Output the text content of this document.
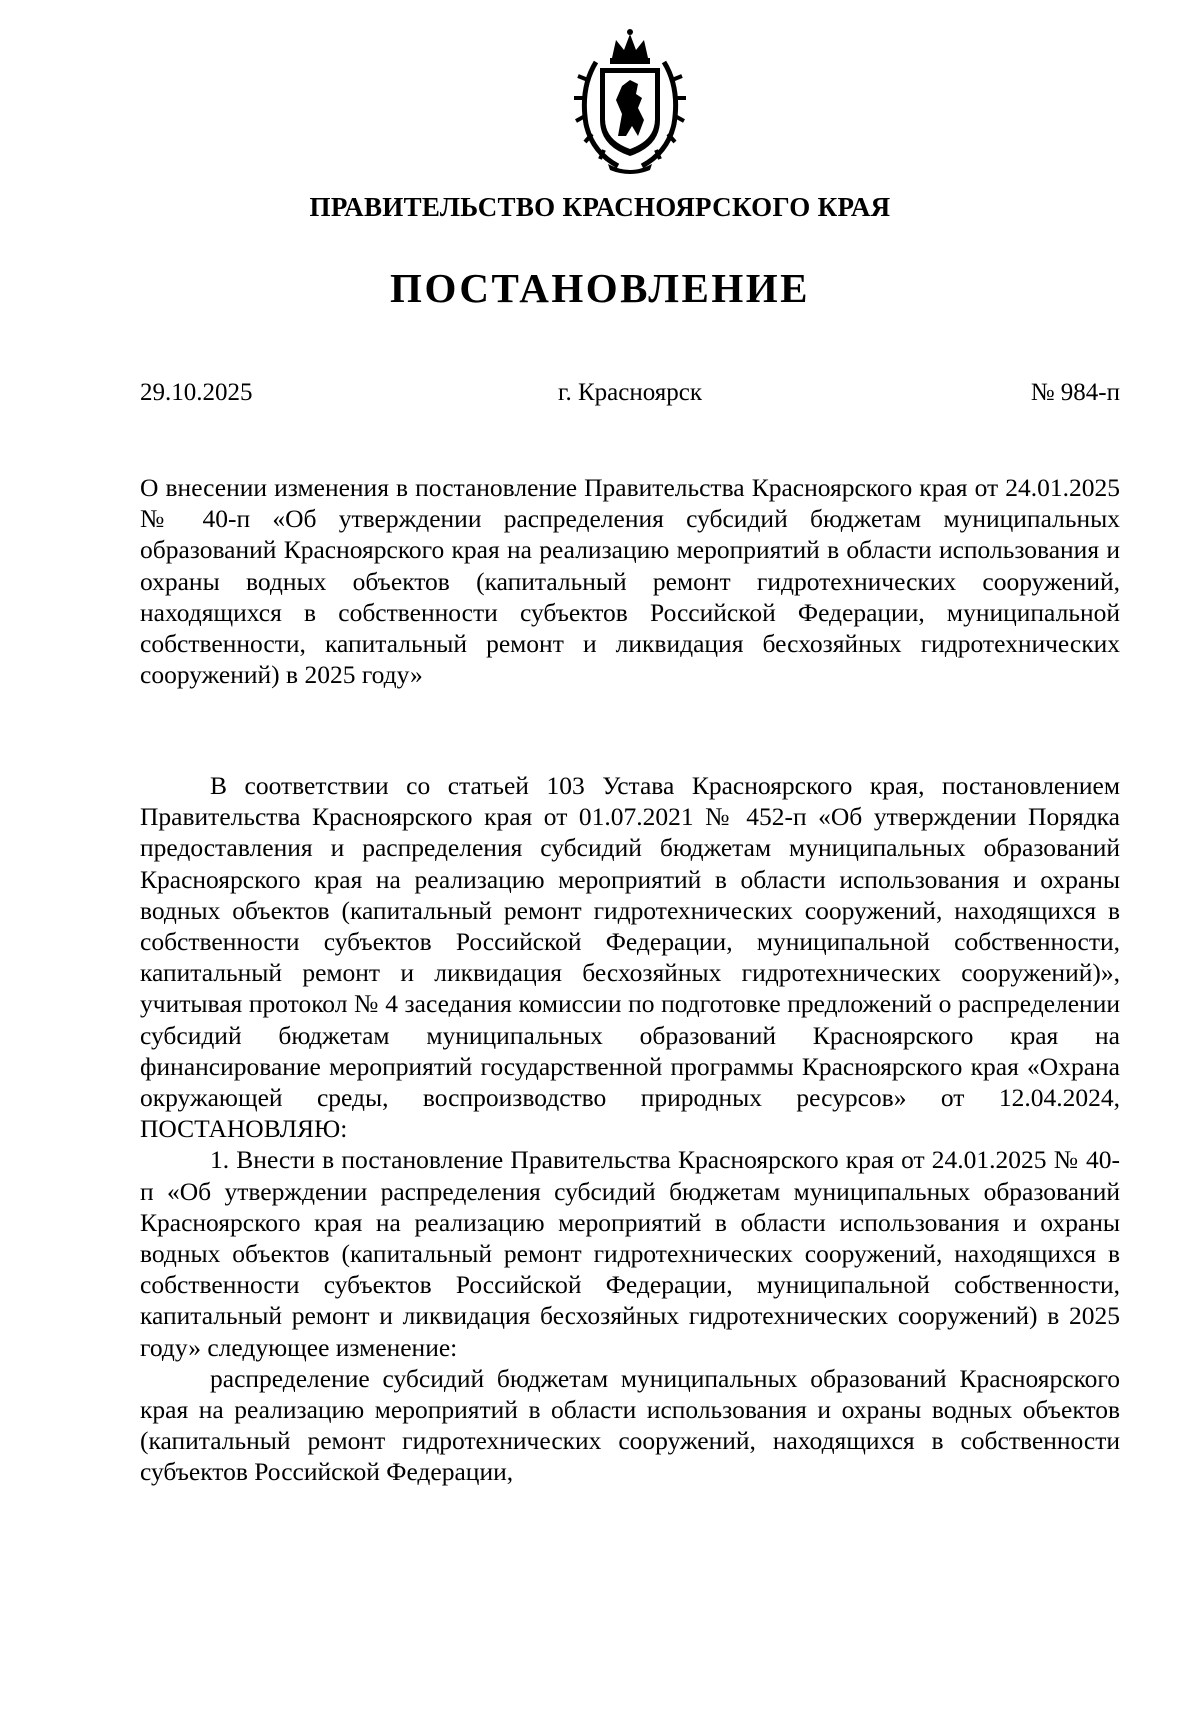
ПРАВИТЕЛЬСТВО КРАСНОЯРСКОГО КРАЯ
ПОСТАНОВЛЕНИЕ
г. Красноярск
29.10.2025	№ 984-п
О внесении изменения в постановление Правительства Красноярского края от 24.01.2025 № 40-п «Об утверждении распределения субсидий бюджетам муниципальных образований Красноярского края на реализацию мероприятий в области использования и охраны водных объектов (капитальный ремонт гидротехнических сооружений, находящихся в собственности субъектов Российской Федерации, муниципальной собственности, капитальный ремонт и ликвидация бесхозяйных гидротехнических сооружений) в 2025 году»

В соответствии со статьей 103 Устава Красноярского края, постановлением Правительства Красноярского края от 01.07.2021 № 452-п «Об утверждении Порядка предоставления и распределения субсидий бюджетам муниципальных образований Красноярского края на реализацию мероприятий в области использования и охраны водных объектов (капитальный ремонт гидротехнических сооружений, находящихся в собственности субъектов Российской Федерации, муниципальной собственности, капитальный ремонт и ликвидация бесхозяйных гидротехнических сооружений)», учитывая протокол № 4 заседания комиссии по подготовке предложений о распределении субсидий бюджетам муниципальных образований Красноярского края на финансирование мероприятий государственной программы Красноярского края «Охрана окружающей среды, воспроизводство природных ресурсов» от 12.04.2024, ПОСТАНОВЛЯЮ:

1. Внести в постановление Правительства Красноярского края от 24.01.2025 № 40-п «Об утверждении распределения субсидий бюджетам муниципальных образований Красноярского края на реализацию мероприятий в области использования и охраны водных объектов (капитальный ремонт гидротехнических сооружений, находящихся в собственности субъектов Российской Федерации, муниципальной собственности, капитальный ремонт и ликвидация бесхозяйных гидротехнических сооружений) в 2025 году» следующее изменение:

распределение субсидий бюджетам муниципальных образований Красноярского края на реализацию мероприятий в области использования и охраны водных объектов (капитальный ремонт гидротехнических сооружений, находящихся в собственности субъектов Российской Федерации,
